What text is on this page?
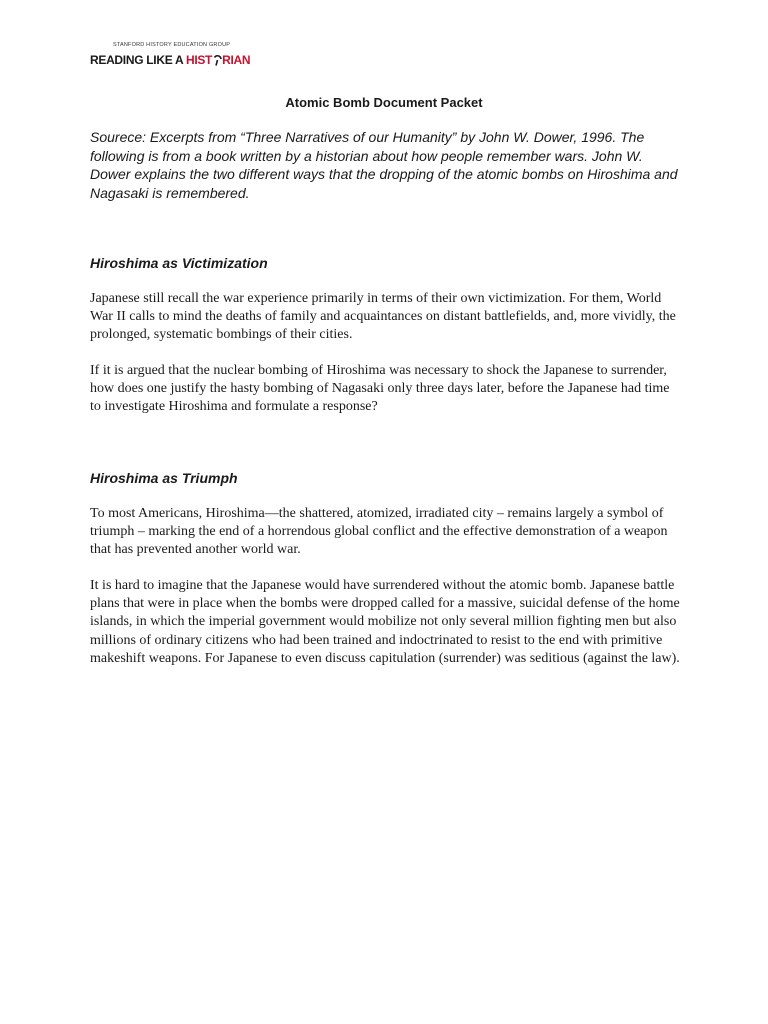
STANFORD HISTORY EDUCATION GROUP
READING LIKE A HIST RIAN
Atomic Bomb Document Packet

Sourece: Excerpts from “Three Narratives of our Humanity” by John W. Dower, 1996. The following is from a book written by a historian about how people remember wars. John W. Dower explains the two different ways that the dropping of the atomic bombs on Hiroshima and Nagasaki is remembered.

Hiroshima as Victimization

Japanese still recall the war experience primarily in terms of their own victimization. For them, World War II calls to mind the deaths of family and acquaintances on distant battlefields, and, more vividly, the prolonged, systematic bombings of their cities.

If it is argued that the nuclear bombing of Hiroshima was necessary to shock the Japanese to surrender, how does one justify the hasty bombing of Nagasaki only three days later, before the Japanese had time to investigate Hiroshima and formulate a response?

Hiroshima as Triumph

To most Americans, Hiroshima—the shattered, atomized, irradiated city – remains largely a symbol of triumph – marking the end of a horrendous global conflict and the effective demonstration of a weapon that has prevented another world war.

It is hard to imagine that the Japanese would have surrendered without the atomic bomb. Japanese battle plans that were in place when the bombs were dropped called for a massive, suicidal defense of the home islands, in which the imperial government would mobilize not only several million fighting men but also millions of ordinary citizens who had been trained and indoctrinated to resist to the end with primitive makeshift weapons. For Japanese to even discuss capitulation (surrender) was seditious (against the law).
